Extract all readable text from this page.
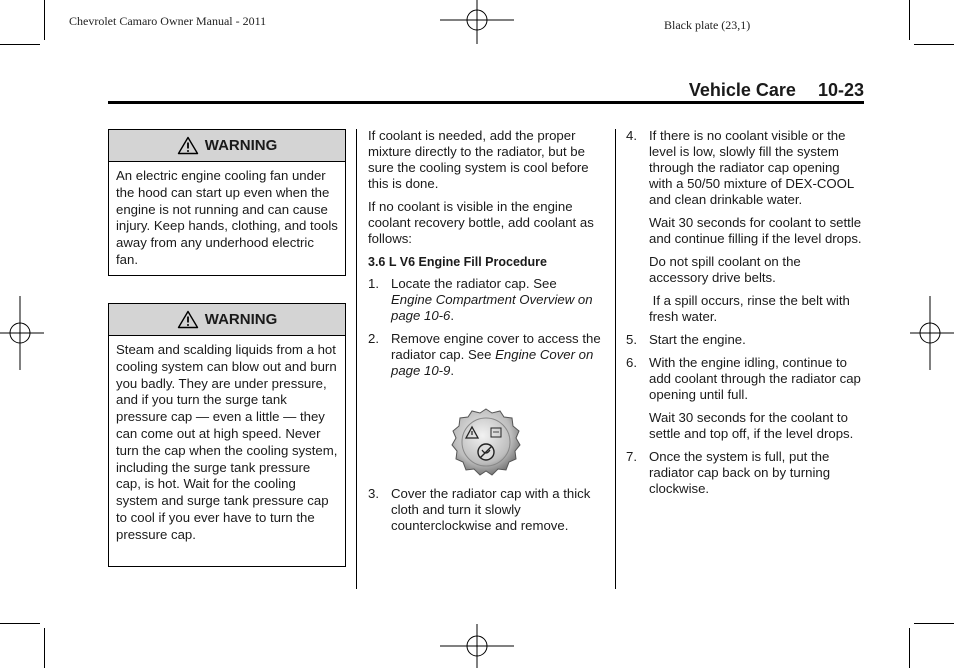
Chevrolet Camaro Owner Manual - 2011	Black plate (23,1)
Vehicle Care 10-23
WARNING
An electric engine cooling fan under the hood can start up even when the engine is not running and can cause injury. Keep hands, clothing, and tools away from any underhood electric fan.
WARNING
Steam and scalding liquids from a hot cooling system can blow out and burn you badly. They are under pressure, and if you turn the surge tank pressure cap — even a little — they can come out at high speed. Never turn the cap when the cooling system, including the surge tank pressure cap, is hot. Wait for the cooling system and surge tank pressure cap to cool if you ever have to turn the pressure cap.

If coolant is needed, add the proper mixture directly to the radiator, but be sure the cooling system is cool before this is done.

If no coolant is visible in the engine coolant recovery bottle, add coolant as follows:

3.6 L V6 Engine Fill Procedure
1. Locate the radiator cap. See
Engine Compartment Overview on page 10-6.
2. Remove engine cover to access the radiator cap. See Engine Cover on page 10-9.
3. Cover the radiator cap with a thick cloth and turn it slowly counterclockwise and remove.
4. If there is no coolant visible or the level is low, slowly fill the system through the radiator cap opening with a 50/50 mixture of DEX-COOL and clean drinkable water.
Wait 30 seconds for coolant to settle and continue filling if the level drops.
Do not spill coolant on the accessory drive belts.
If a spill occurs, rinse the belt with fresh water.
5. Start the engine.
6. With the engine idling, continue to add coolant through the radiator cap opening until full.
Wait 30 seconds for the coolant to settle and top off, if the level drops.
7. Once the system is full, put the radiator cap back on by turning clockwise.
